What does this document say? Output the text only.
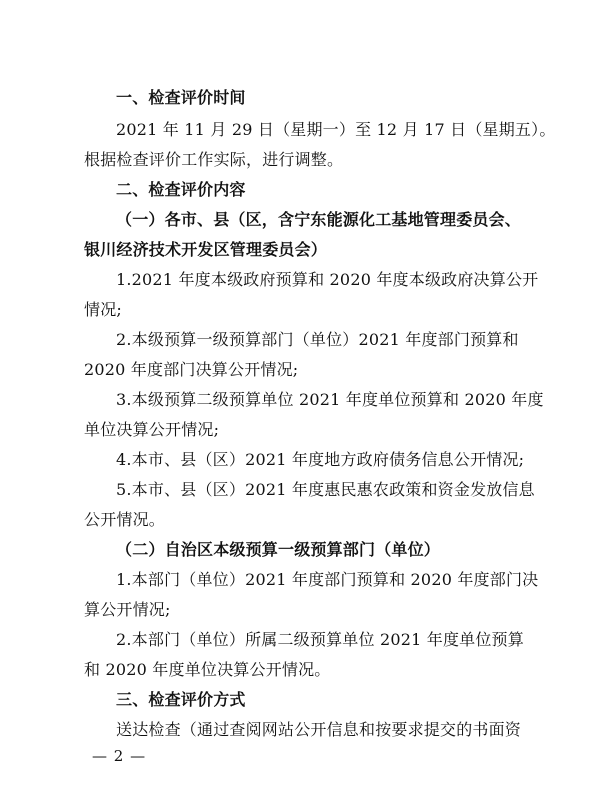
一、检查评价时间
2021 年 11 月 29 日（星期一）至 12 月 17 日（星期五）。
根据检查评价工作实际，进行调整。
二、检查评价内容
（一）各市、县（区，含宁东能源化工基地管理委员会、
银川经济技术开发区管理委员会）
1.2021 年度本级政府预算和 2020 年度本级政府决算公开
情况;
2.本级预算一级预算部门（单位）2021 年度部门预算和
2020 年度部门决算公开情况;
3.本级预算二级预算单位 2021 年度单位预算和 2020 年度
单位决算公开情况;
4.本市、县（区）2021 年度地方政府债务信息公开情况;
5.本市、县（区）2021 年度惠民惠农政策和资金发放信息
公开情况。
（二）自治区本级预算一级预算部门（单位）
1.本部门（单位）2021 年度部门预算和 2020 年度部门决
算公开情况;
2.本部门（单位）所属二级预算单位 2021 年度单位预算
和 2020 年度单位决算公开情况。
三、检查评价方式
送达检查（通过查阅网站公开信息和按要求提交的书面资
— 2 —
